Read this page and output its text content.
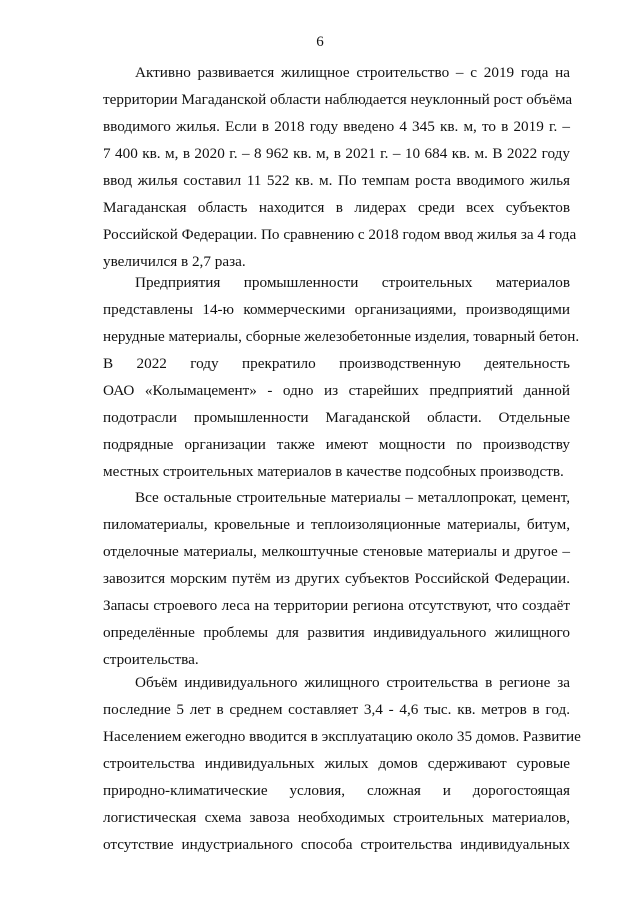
6
Активно развивается жилищное строительство – с 2019 года на
территории Магаданской области наблюдается неуклонный рост объёма
вводимого жилья. Если в 2018 году введено 4 345 кв. м, то в 2019 г. –
7 400 кв. м, в 2020 г. – 8 962 кв. м, в 2021 г. – 10 684 кв. м. В 2022 году
ввод жилья составил 11 522 кв. м. По темпам роста вводимого жилья
Магаданская область находится в лидерах среди всех субъектов
Российской Федерации. По сравнению с 2018 годом ввод жилья за 4 года
увеличился в 2,7 раза.
Предприятия промышленности строительных материалов
представлены 14-ю коммерческими организациями, производящими
нерудные материалы, сборные железобетонные изделия, товарный бетон.
В 2022 году прекратило производственную деятельность
ОАО «Колымацемент» - одно из старейших предприятий данной
подотрасли промышленности Магаданской области. Отдельные
подрядные организации также имеют мощности по производству
местных строительных материалов в качестве подсобных производств.
Все остальные строительные материалы – металлопрокат, цемент,
пиломатериалы, кровельные и теплоизоляционные материалы, битум,
отделочные материалы, мелкоштучные стеновые материалы и другое –
завозится морским путём из других субъектов Российской Федерации.
Запасы строевого леса на территории региона отсутствуют, что создаёт
определённые проблемы для развития индивидуального жилищного
строительства.
Объём индивидуального жилищного строительства в регионе за
последние 5 лет в среднем составляет 3,4 - 4,6 тыс. кв. метров в год.
Населением ежегодно вводится в эксплуатацию около 35 домов. Развитие
строительства индивидуальных жилых домов сдерживают суровые
природно-климатические условия, сложная и дорогостоящая
логистическая схема завоза необходимых строительных материалов,
отсутствие индустриального способа строительства индивидуальных
